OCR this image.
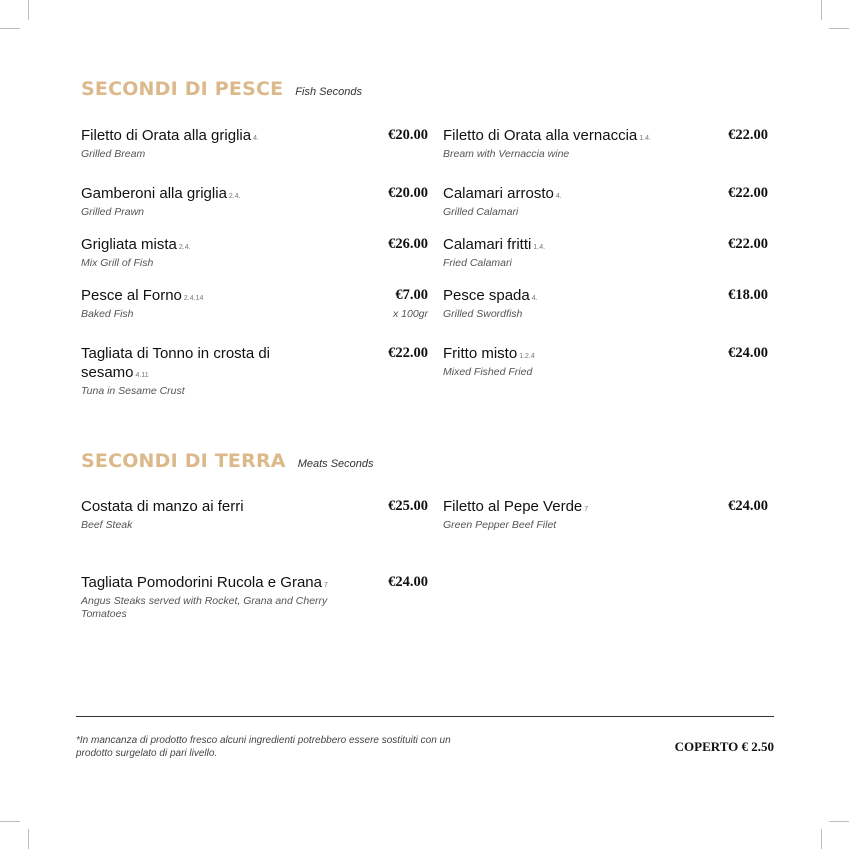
SECONDI DI PESCE Fish Seconds
Filetto di Orata alla griglia 4.	€20.00
Grilled Bream
Filetto di Orata alla vernaccia 1.4.	€22.00
Bream with Vernaccia wine
Gamberoni alla griglia 2.4.	€20.00
Grilled Prawn
Calamari arrosto 4.	€22.00
Grilled Calamari
Grigliata mista 2.4.	€26.00
Mix Grill of Fish
Calamari fritti 1.4.	€22.00
Fried Calamari
Pesce al Forno 2.4.14	€7.00
Baked Fish	x 100gr
Pesce spada 4.	€18.00
Grilled Swordfish
Tagliata di Tonno in crosta di sesamo 4.11
€22.00
Tuna in Sesame Crust
Fritto misto 1.2.4	€24.00
Mixed Fished Fried
SECONDI DI TERRA Meats Seconds
Costata di manzo ai ferri	€25.00
Beef Steak
Filetto al Pepe Verde 7	€24.00
Green Pepper Beef Filet
Tagliata Pomodorini Rucola e Grana 7	€24.00
Angus Steaks served with Rocket, Grana and Cherry Tomatoes
*In mancanza di prodotto fresco alcuni ingredienti potrebbero essere sostituiti con un prodotto surgelato di pari livello.	COPERTO € 2.50
